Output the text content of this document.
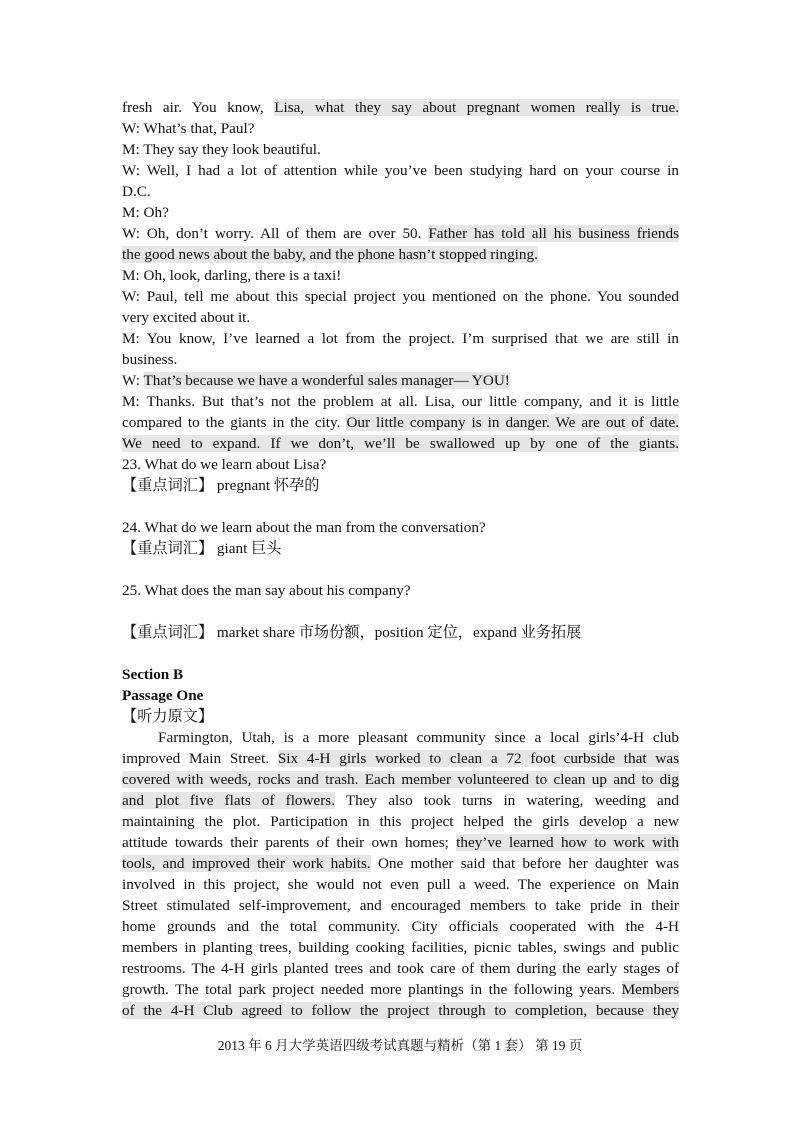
fresh air. You know, Lisa, what they say about pregnant women really is true.
W: What’s that, Paul?
M: They say they look beautiful.
W: Well, I had a lot of attention while you’ve been studying hard on your course in
D.C.
M: Oh?
W: Oh, don’t worry. All of them are over 50. Father has told all his business friends
the good news about the baby, and the phone hasn’t stopped ringing.
M: Oh, look, darling, there is a taxi!
W: Paul, tell me about this special project you mentioned on the phone. You sounded
very excited about it.
M: You know, I’ve learned a lot from the project. I’m surprised that we are still in
business.
W: That’s because we have a wonderful sales manager— YOU!
M: Thanks. But that’s not the problem at all. Lisa, our little company, and it is little
compared to the giants in the city. Our little company is in danger. We are out of date.
We need to expand. If we don’t, we’ll be swallowed up by one of the giants.
23. What do we learn about Lisa?
【重点词汇】 pregnant 怀孕的
24. What do we learn about the man from the conversation?
【重点词汇】 giant 巨头
25. What does the man say about his company?
【重点词汇】 market share 市场份额，position 定位，expand 业务拓展
Section B
Passage One
【听力原文】
Farmington, Utah, is a more pleasant community since a local girls’4-H club
improved Main Street. Six 4-H girls worked to clean a 72 foot curbside that was
covered with weeds, rocks and trash. Each member volunteered to clean up and to dig
and plot five flats of flowers. They also took turns in watering, weeding and
maintaining the plot. Participation in this project helped the girls develop a new
attitude towards their parents of their own homes; they’ve learned how to work with
tools, and improved their work habits. One mother said that before her daughter was
involved in this project, she would not even pull a weed. The experience on Main
Street stimulated self-improvement, and encouraged members to take pride in their
home grounds and the total community. City officials cooperated with the 4-H
members in planting trees, building cooking facilities, picnic tables, swings and public
restrooms. The 4-H girls planted trees and took care of them during the early stages of
growth. The total park project needed more plantings in the following years. Members
of the 4-H Club agreed to follow the project through to completion, because they
2013 年 6 月大学英语四级考试真题与精析（第 1 套） 第 19 页
